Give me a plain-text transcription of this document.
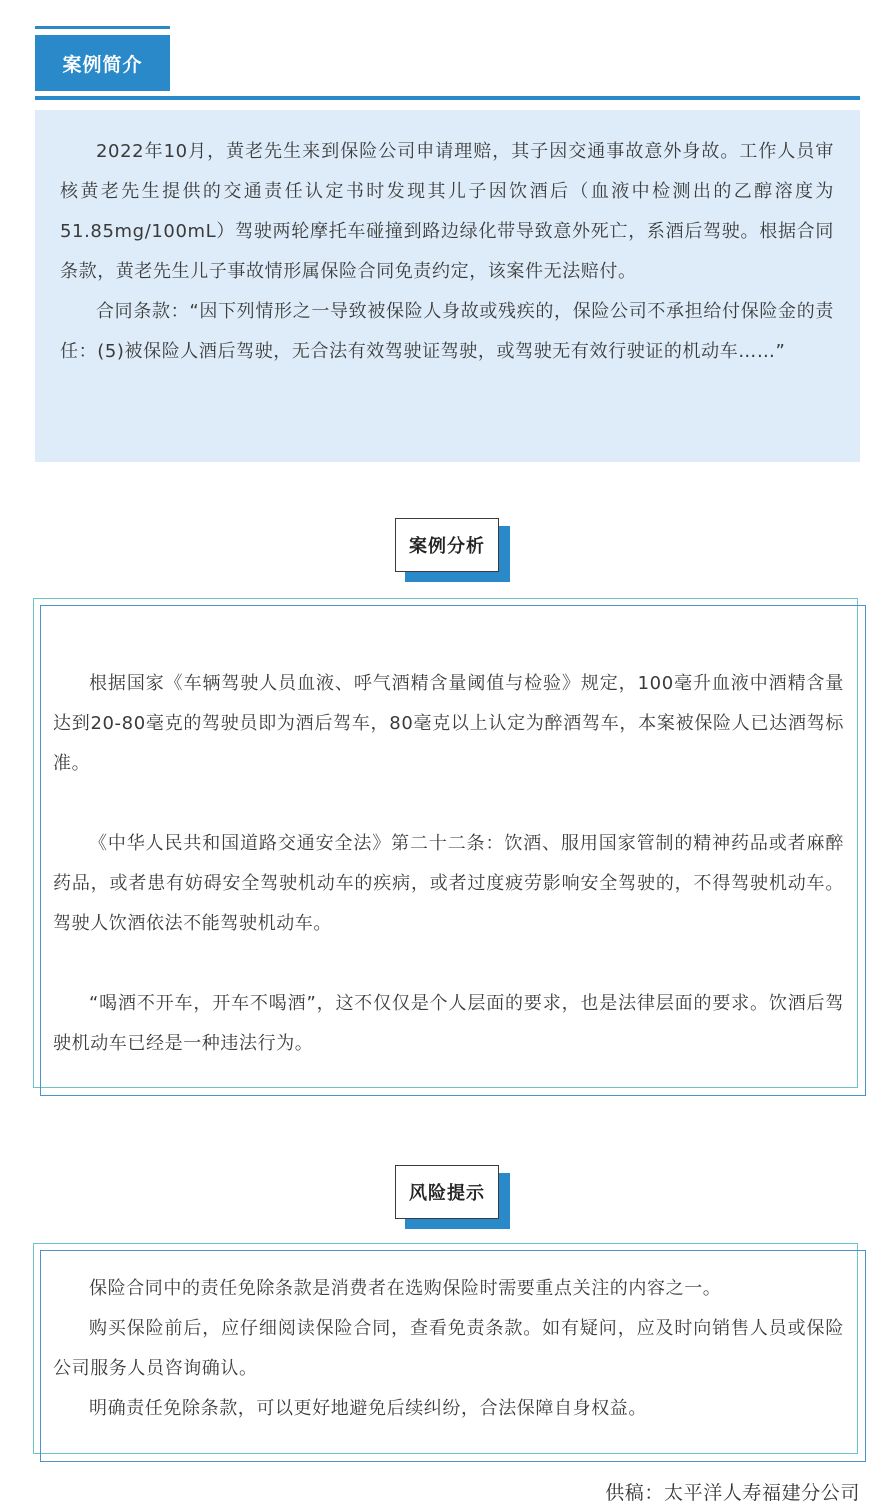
案例简介

2022年10月，黄老先生来到保险公司申请理赔，其子因交通事故意外身故。工作人员审核黄老先生提供的交通责任认定书时发现其儿子因饮酒后（血液中检测出的乙醇溶度为51.85mg/100mL）驾驶两轮摩托车碰撞到路边绿化带导致意外死亡，系酒后驾驶。根据合同条款，黄老先生儿子事故情形属保险合同免责约定，该案件无法赔付。

合同条款：“因下列情形之一导致被保险人身故或残疾的，保险公司不承担给付保险金的责任：(5)被保险人酒后驾驶，无合法有效驾驶证驾驶，或驾驶无有效行驶证的机动车……”

案例分析

根据国家《车辆驾驶人员血液、呼气酒精含量阈值与检验》规定，100毫升血液中酒精含量达到20-80毫克的驾驶员即为酒后驾车，80毫克以上认定为醉酒驾车，本案被保险人已达酒驾标准。

《中华人民共和国道路交通安全法》第二十二条：饮酒、服用国家管制的精神药品或者麻醉药品，或者患有妨碍安全驾驶机动车的疾病，或者过度疲劳影响安全驾驶的，不得驾驶机动车。驾驶人饮酒依法不能驾驶机动车。

“喝酒不开车，开车不喝酒”，这不仅仅是个人层面的要求，也是法律层面的要求。饮酒后驾驶机动车已经是一种违法行为。

风险提示

保险合同中的责任免除条款是消费者在选购保险时需要重点关注的内容之一。

购买保险前后，应仔细阅读保险合同，查看免责条款。如有疑问，应及时向销售人员或保险公司服务人员咨询确认。

明确责任免除条款，可以更好地避免后续纠纷，合法保障自身权益。

供稿：太平洋人寿福建分公司
